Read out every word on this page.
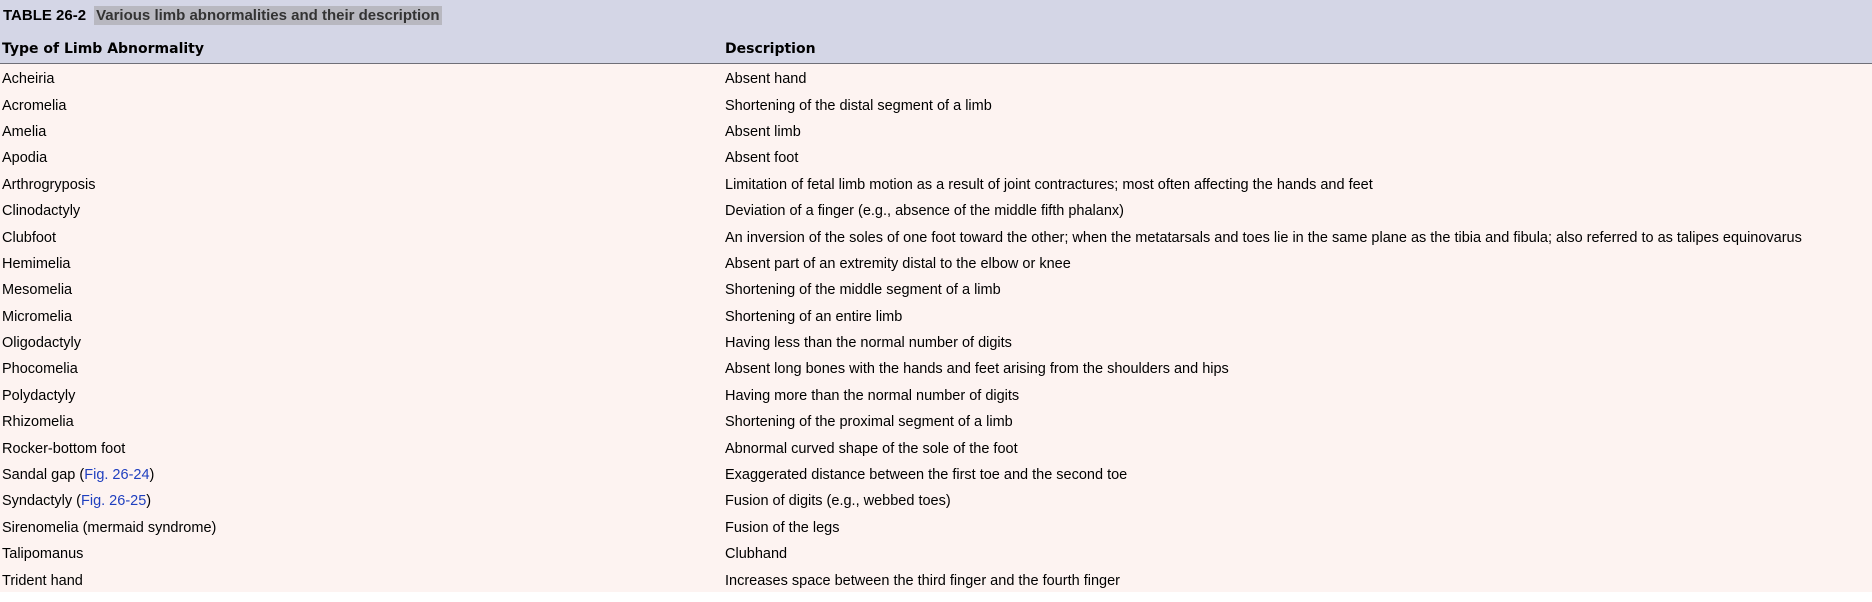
TABLE 26-2 Various limb abnormalities and their description
Type of Limb Abnormality	Description
Acheiria	Absent hand
Acromelia	Shortening of the distal segment of a limb
Amelia	Absent limb
Apodia	Absent foot
Arthrogryposis	Limitation of fetal limb motion as a result of joint contractures; most often affecting the hands and feet
Clinodactyly	Deviation of a finger (e.g., absence of the middle fifth phalanx)
Clubfoot	An inversion of the soles of one foot toward the other; when the metatarsals and toes lie in the same plane as the tibia and fibula; also referred to as talipes equinovarus
Hemimelia	Absent part of an extremity distal to the elbow or knee
Mesomelia	Shortening of the middle segment of a limb
Micromelia	Shortening of an entire limb
Oligodactyly	Having less than the normal number of digits
Phocomelia	Absent long bones with the hands and feet arising from the shoulders and hips
Polydactyly	Having more than the normal number of digits
Rhizomelia	Shortening of the proximal segment of a limb
Rocker-bottom foot	Abnormal curved shape of the sole of the foot
Sandal gap (Fig. 26-24)	Exaggerated distance between the first toe and the second toe
Syndactyly (Fig. 26-25)	Fusion of digits (e.g., webbed toes)
Sirenomelia (mermaid syndrome)	Fusion of the legs
Talipomanus	Clubhand
Trident hand	Increases space between the third finger and the fourth finger
